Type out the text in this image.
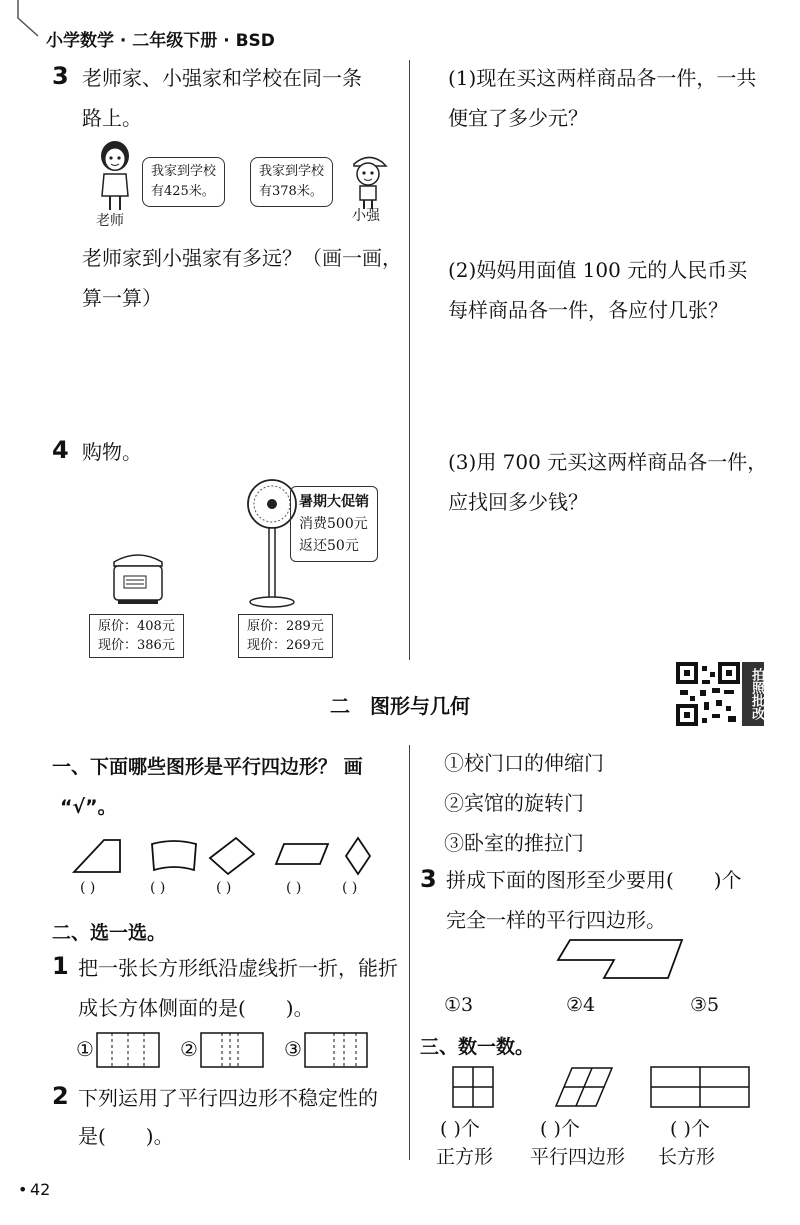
小学数学 · 二年级下册 · BSD
3 老师家、小强家和学校在同一条
路上。
老师
我家到学校
有425米。
我家到学校
有378米。
小强
老师家到小强家有多远？（画一画，
算一算）
4 购物。
原价：408元
现价：386元
暑期大促销
消费500元
返还50元
原价：289元
现价：269元
(1)现在买这两样商品各一件，一共
便宜了多少元？
(2)妈妈用面值 100 元的人民币买
每样商品各一件，各应付几张？
(3)用 700 元买这两样商品各一件，
应找回多少钱？
二　图形与几何	拍照批改
一、下面哪些图形是平行四边形？ 画
“√”。
( )	( )	( )	( )	( )
二、选一选。
1 把一张长方形纸沿虚线折一折，能折
成长方体侧面的是(　　)。
①	②	③
2 下列运用了平行四边形不稳定性的
是(　　)。
①校门口的伸缩门
②宾馆的旋转门
③卧室的推拉门
3 拼成下面的图形至少要用(　　)个
完全一样的平行四边形。
①3	②4	③5
三、数一数。
( )个	( )个	( )个
正方形 平行四边形 长方形
• 42
